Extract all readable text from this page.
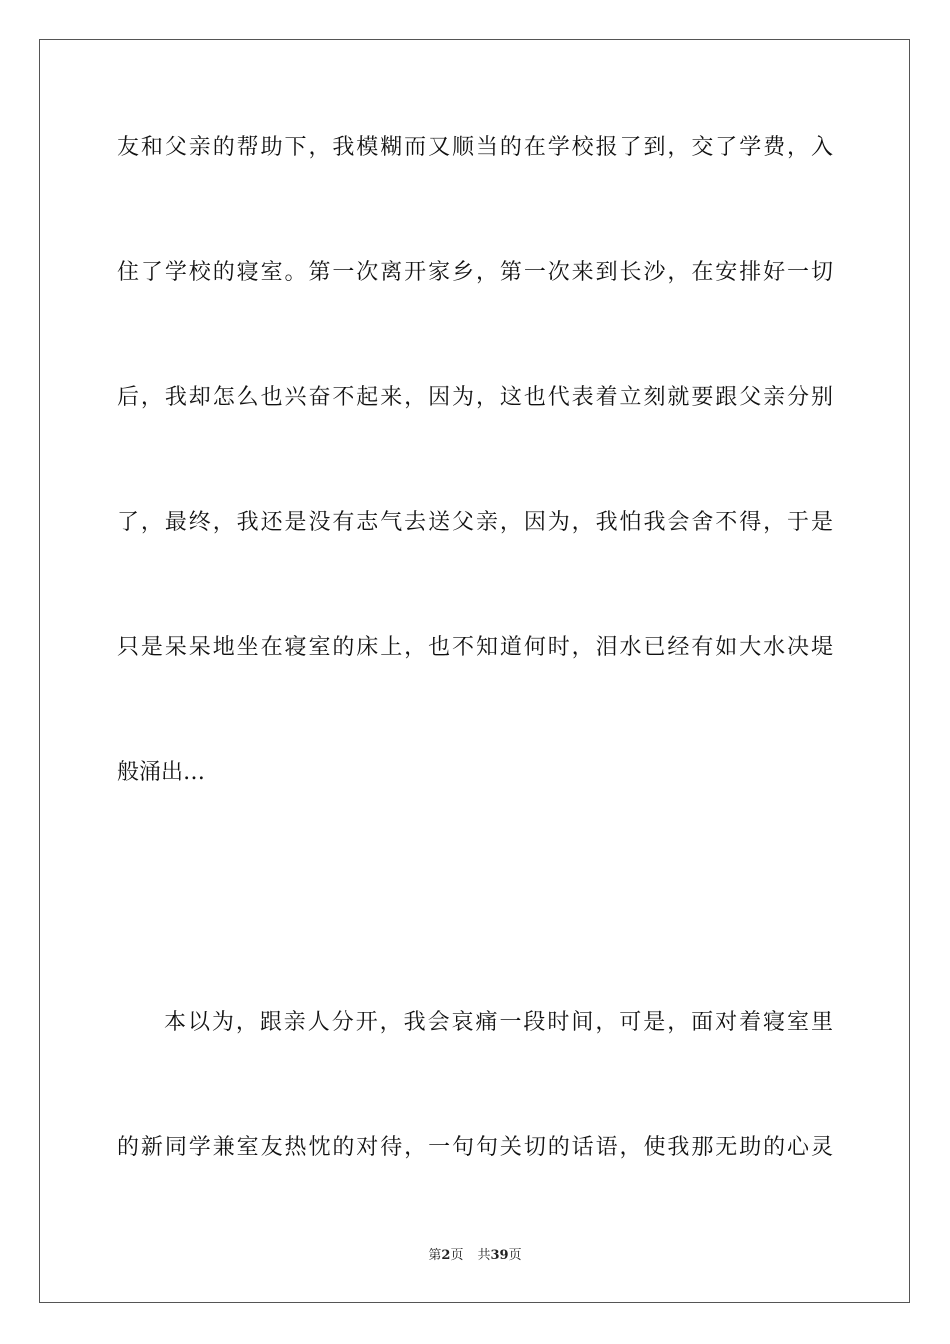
友和父亲的帮助下，我模糊而又顺当的在学校报了到，交了学费，入
住了学校的寝室。第一次离开家乡，第一次来到长沙，在安排好一切
后，我却怎么也兴奋不起来，因为，这也代表着立刻就要跟父亲分别
了，最终，我还是没有志气去送父亲，因为，我怕我会舍不得，于是
只是呆呆地坐在寝室的床上，也不知道何时，泪水已经有如大水决堤
般涌出…
本以为，跟亲人分开，我会哀痛一段时间，可是，面对着寝室里
的新同学兼室友热忱的对待，一句句关切的话语，使我那无助的心灵
第2页 共39页
